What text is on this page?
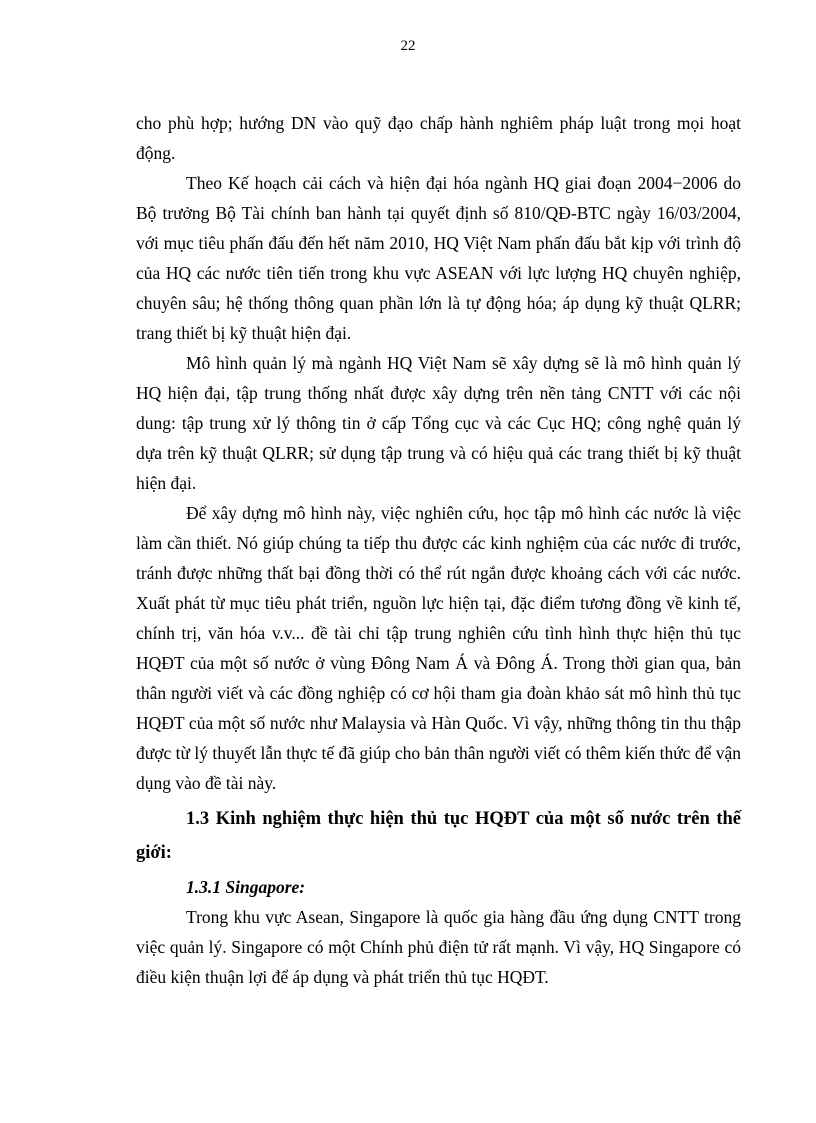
22

cho phù hợp; hướng DN vào quỹ đạo chấp hành nghiêm pháp luật trong mọi hoạt động.

Theo Kế hoạch cải cách và hiện đại hóa ngành HQ giai đoạn 2004−2006 do Bộ trưởng Bộ Tài chính ban hành tại quyết định số 810/QĐ-BTC ngày 16/03/2004, với mục tiêu phấn đấu đến hết năm 2010, HQ Việt Nam phấn đấu bắt kịp với trình độ của HQ các nước tiên tiến trong khu vực ASEAN với lực lượng HQ chuyên nghiệp, chuyên sâu; hệ thống thông quan phần lớn là tự động hóa; áp dụng kỹ thuật QLRR; trang thiết bị kỹ thuật hiện đại.

Mô hình quản lý mà ngành HQ Việt Nam sẽ xây dựng sẽ là mô hình quản lý HQ hiện đại, tập trung thống nhất được xây dựng trên nền tảng CNTT với các nội dung: tập trung xử lý thông tin ở cấp Tổng cục và các Cục HQ; công nghệ quản lý dựa trên kỹ thuật QLRR; sử dụng tập trung và có hiệu quả các trang thiết bị kỹ thuật hiện đại.

Để xây dựng mô hình này, việc nghiên cứu, học tập mô hình các nước là việc làm cần thiết. Nó giúp chúng ta tiếp thu được các kinh nghiệm của các nước đi trước, tránh được những thất bại đồng thời có thể rút ngắn được khoảng cách với các nước. Xuất phát từ mục tiêu phát triển, nguồn lực hiện tại, đặc điểm tương đồng về kinh tế, chính trị, văn hóa v.v... đề tài chỉ tập trung nghiên cứu tình hình thực hiện thủ tục HQĐT của một số nước ở vùng Đông Nam Á và Đông Á. Trong thời gian qua, bản thân người viết và các đồng nghiệp có cơ hội tham gia đoàn khảo sát mô hình thủ tục HQĐT của một số nước như Malaysia và Hàn Quốc. Vì vậy, những thông tin thu thập được từ lý thuyết lẫn thực tế đã giúp cho bản thân người viết có thêm kiến thức để vận dụng vào đề tài này.

1.3 Kinh nghiệm thực hiện thủ tục HQĐT của một số nước trên thế giới:

1.3.1 Singapore:

Trong khu vực Asean, Singapore là quốc gia hàng đầu ứng dụng CNTT trong việc quản lý. Singapore có một Chính phủ điện tử rất mạnh. Vì vậy, HQ Singapore có điều kiện thuận lợi để áp dụng và phát triển thủ tục HQĐT.
